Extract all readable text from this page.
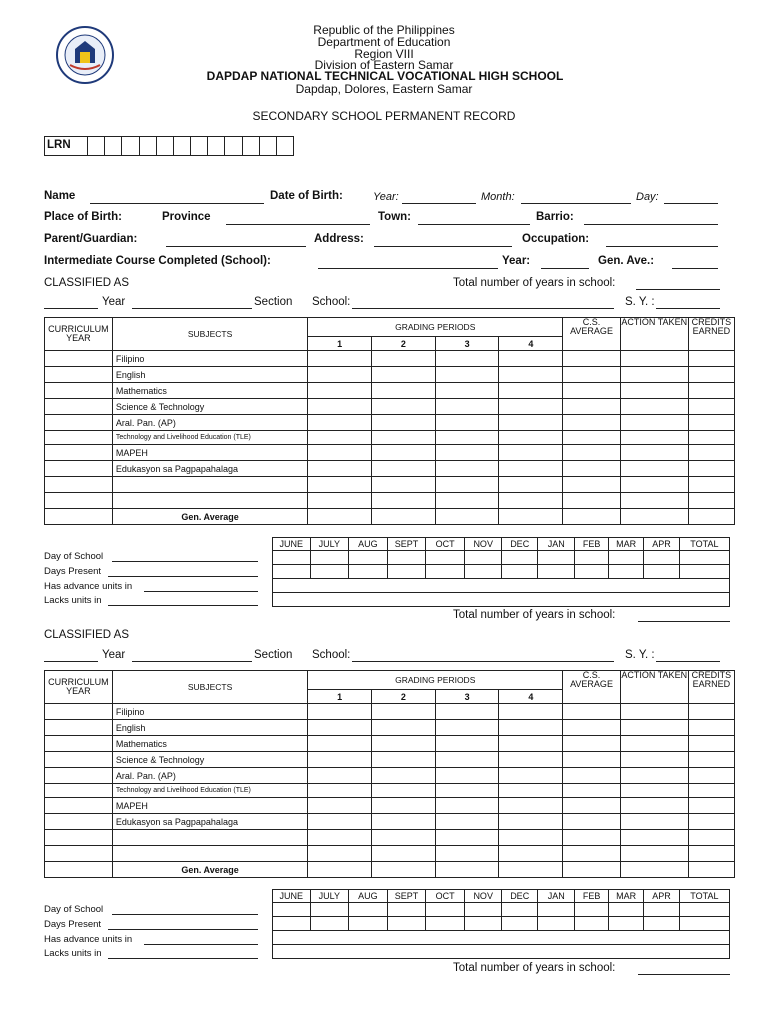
Republic of the Philippines
Department of Education
Region VIII
Division of Eastern Samar
DAPDAP NATIONAL TECHNICAL VOCATIONAL HIGH SCHOOL
Dapdap, Dolores, Eastern Samar
SECONDARY SCHOOL PERMANENT RECORD
LRN
Name	Date of Birth:	Year:	Month:	Day:
Place of Birth:	Province	Town:	Barrio:
Parent/Guardian:	Address:	Occupation:
Intermediate Course Completed (School):	Year:	Gen. Ave.:
CLASSIFIED AS	Total number of years in school:
Year	Section School:	S. Y. :
CURRICULUM YEAR	SUBJECTS	GRADING PERIODS				C.S. AVERAGE	ACTION TAKEN	CREDITS EARNED
		1	2	3	4			
	Filipino							
	English							
	Mathematics							
	Science & Technology							
	Aral. Pan. (AP)							
	Technology and Livelihood Education (TLE)							
	MAPEH							
	Edukasyon sa Pagpapahalaga							

	Gen. Average							
Day of School
Days Present
Has advance units in
Lacks units in
JUNE	JULY	AUG	SEPT	OCT	NOV	DEC	JAN	FEB	MAR	APR	TOTAL

Total number of years in school:
CLASSIFIED AS
Year	Section School:	S. Y. :
CURRICULUM YEAR	SUBJECTS	GRADING PERIODS				C.S. AVERAGE	ACTION TAKEN	CREDITS EARNED
		1	2	3	4			
	Filipino							
	English							
	Mathematics							
	Science & Technology							
	Aral. Pan. (AP)							
	Technology and Livelihood Education (TLE)							
	MAPEH							
	Edukasyon sa Pagpapahalaga							

	Gen. Average							
Day of School
Days Present
Has advance units in
Lacks units in
JUNE	JULY	AUG	SEPT	OCT	NOV	DEC	JAN	FEB	MAR	APR	TOTAL

Total number of years in school:
